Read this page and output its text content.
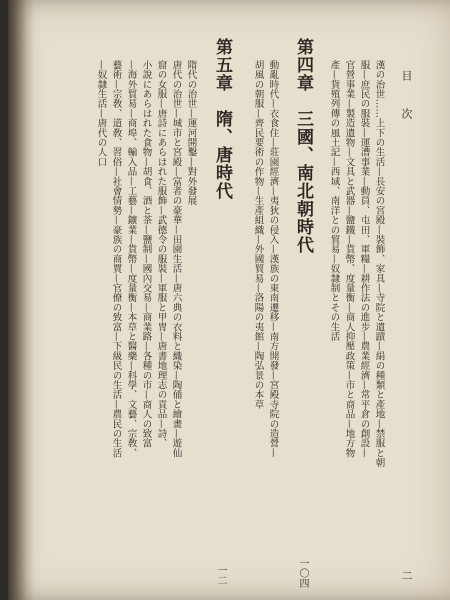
目　次
二
漢の治世……上下の生活—長安の宮殿—裝飾、家具—寺院と遺蹟—絹の種類と產地—禁服と朝
服—庶民の服裝—運漕事業—動員、屯田、軍糧—耕作法の進步—農業經濟—常平倉の創設—
官營事業—製造遺物—文具と武器—鹽鐵—貨幣、度量衡—商人抑壓政策—市と商品—地方物
產—貨殖列傳の風土記—西域、南洋との貿易—奴隸制とその生活
第四章　三國、南北朝時代
一〇四
動亂時代—衣食住—莊園經濟—夷狄の侵入—漢族の東南遷移—南方開發—宮殿寺院の造營—
胡風の朝服—齊民要術の作物—生產組織—外國貿易—洛陽の夷館—陶弘景の本草
第五章　隋、唐時代
一二
隋代の治世—運河開鑿—對外發展
唐代の治世—城市と宮殿—富者の豪華—田園生活—唐六典の衣料と織染—陶俑と繪畫—遊仙
窟の女服—唐詩にあらはれた服飾—武德令の服裝—軍服と甲冑—唐書地理志の貢品—詩、
小說にあらはれた食物—胡食、酒と茶—鹽制—國內交易—商業路—各種の市—商人の致富
—海外貿易—商埠、輸入品—工藝—鑛業—貨幣—度量衡—本草と醫藥—科學、文藝、宗敎、
藝術—宗敎、道敎、習俗—社會情勢—豪族の商賈—官僚の致富—下級民の生活—農民の生活
—奴隸生活—唐代の人口
